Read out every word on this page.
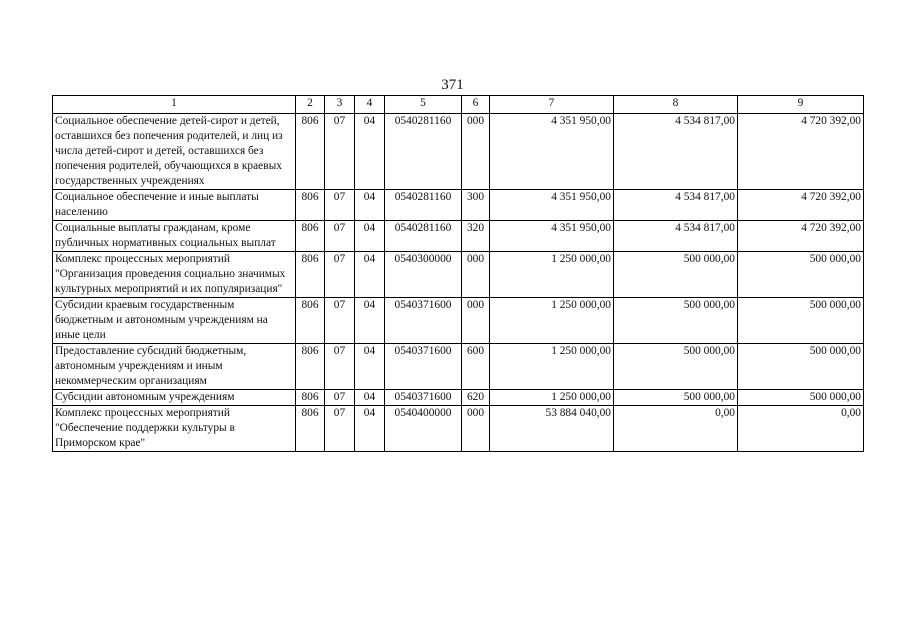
371
1	2	3	4	5	6	7	8	9
Социальное обеспечение детей-сирот и детей, оставшихся без попечения родителей, и лиц из числа детей-сирот и детей, оставшихся без попечения родителей, обучающихся в краевых государственных учреждениях	806	07	04	0540281160	000	4 351 950,00	4 534 817,00	4 720 392,00
Социальное обеспечение и иные выплаты населению	806	07	04	0540281160	300	4 351 950,00	4 534 817,00	4 720 392,00
Социальные выплаты гражданам, кроме публичных нормативных социальных выплат	806	07	04	0540281160	320	4 351 950,00	4 534 817,00	4 720 392,00
Комплекс процессных мероприятий "Организация проведения социально значимых культурных мероприятий и их популяризация"	806	07	04	0540300000	000	1 250 000,00	500 000,00	500 000,00
Субсидии краевым государственным бюджетным и автономным учреждениям на иные цели	806	07	04	0540371600	000	1 250 000,00	500 000,00	500 000,00
Предоставление субсидий бюджетным, автономным учреждениям и иным некоммерческим организациям	806	07	04	0540371600	600	1 250 000,00	500 000,00	500 000,00
Субсидии автономным учреждениям	806	07	04	0540371600	620	1 250 000,00	500 000,00	500 000,00
Комплекс процессных мероприятий "Обеспечение поддержки культуры в Приморском крае"	806	07	04	0540400000	000	53 884 040,00	0,00	0,00
